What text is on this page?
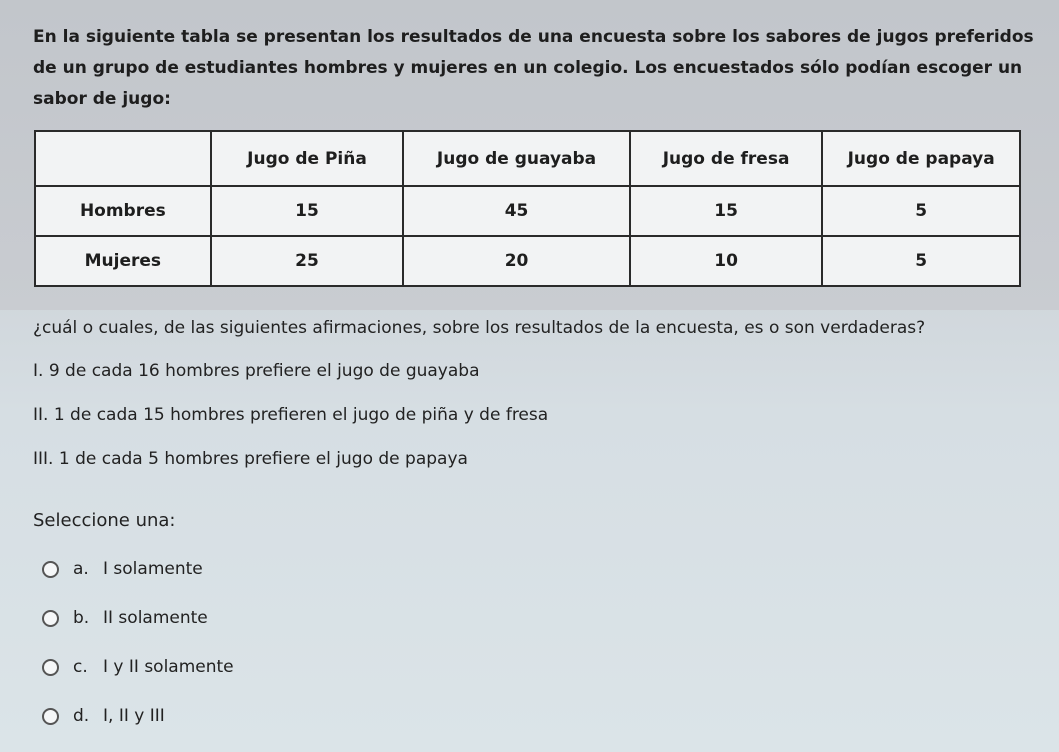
En la siguiente tabla se presentan los resultados de una encuesta sobre los sabores de jugos preferidos de un grupo de estudiantes hombres y mujeres en un colegio. Los encuestados sólo podían escoger un sabor de jugo:
	Jugo de Piña	Jugo de guayaba	Jugo de fresa	Jugo de papaya
Hombres	15	45	15	5
Mujeres	25	20	10	5
¿cuál o cuales, de las siguientes afirmaciones, sobre los resultados de la encuesta, es o son verdaderas?
I. 9 de cada 16 hombres prefiere el jugo de guayaba
II. 1 de cada 15 hombres prefieren el jugo de piña y de fresa
III. 1 de cada 5 hombres prefiere el jugo de papaya
Seleccione una:
a. I solamente
b. II solamente
c. I y II solamente
d. I, II y III
